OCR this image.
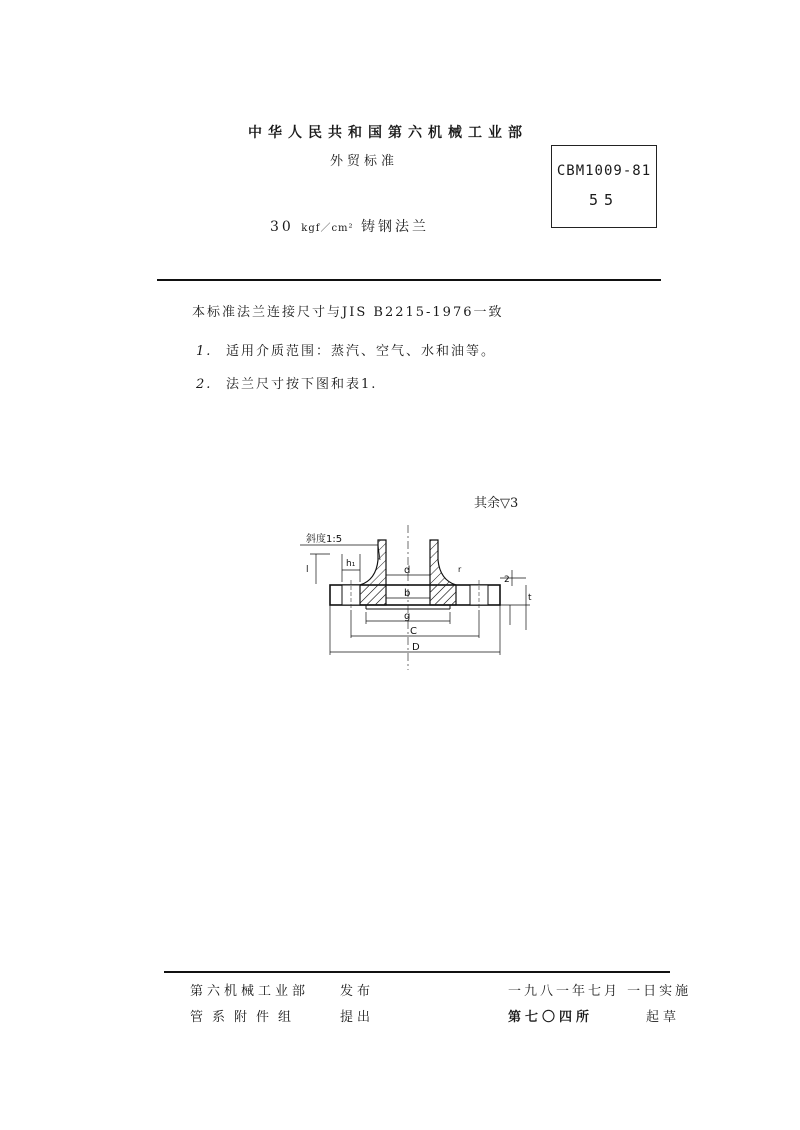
中华人民共和国第六机械工业部
外贸标准
30 kgf／cm² 铸钢法兰
CBM1009-81
55
本标准法兰连接尺寸与JIS B2215-1976一致
1. 适用介质范围：蒸汽、空气、水和油等。
2. 法兰尺寸按下图和表1.
其余▽3
斜度1:5
h₁
l	d
b
r
2
t
g
C
D
第六机械工业部 发布	一九八一年七月 一日实施
管系附件组	提出	第七〇四所	起草
